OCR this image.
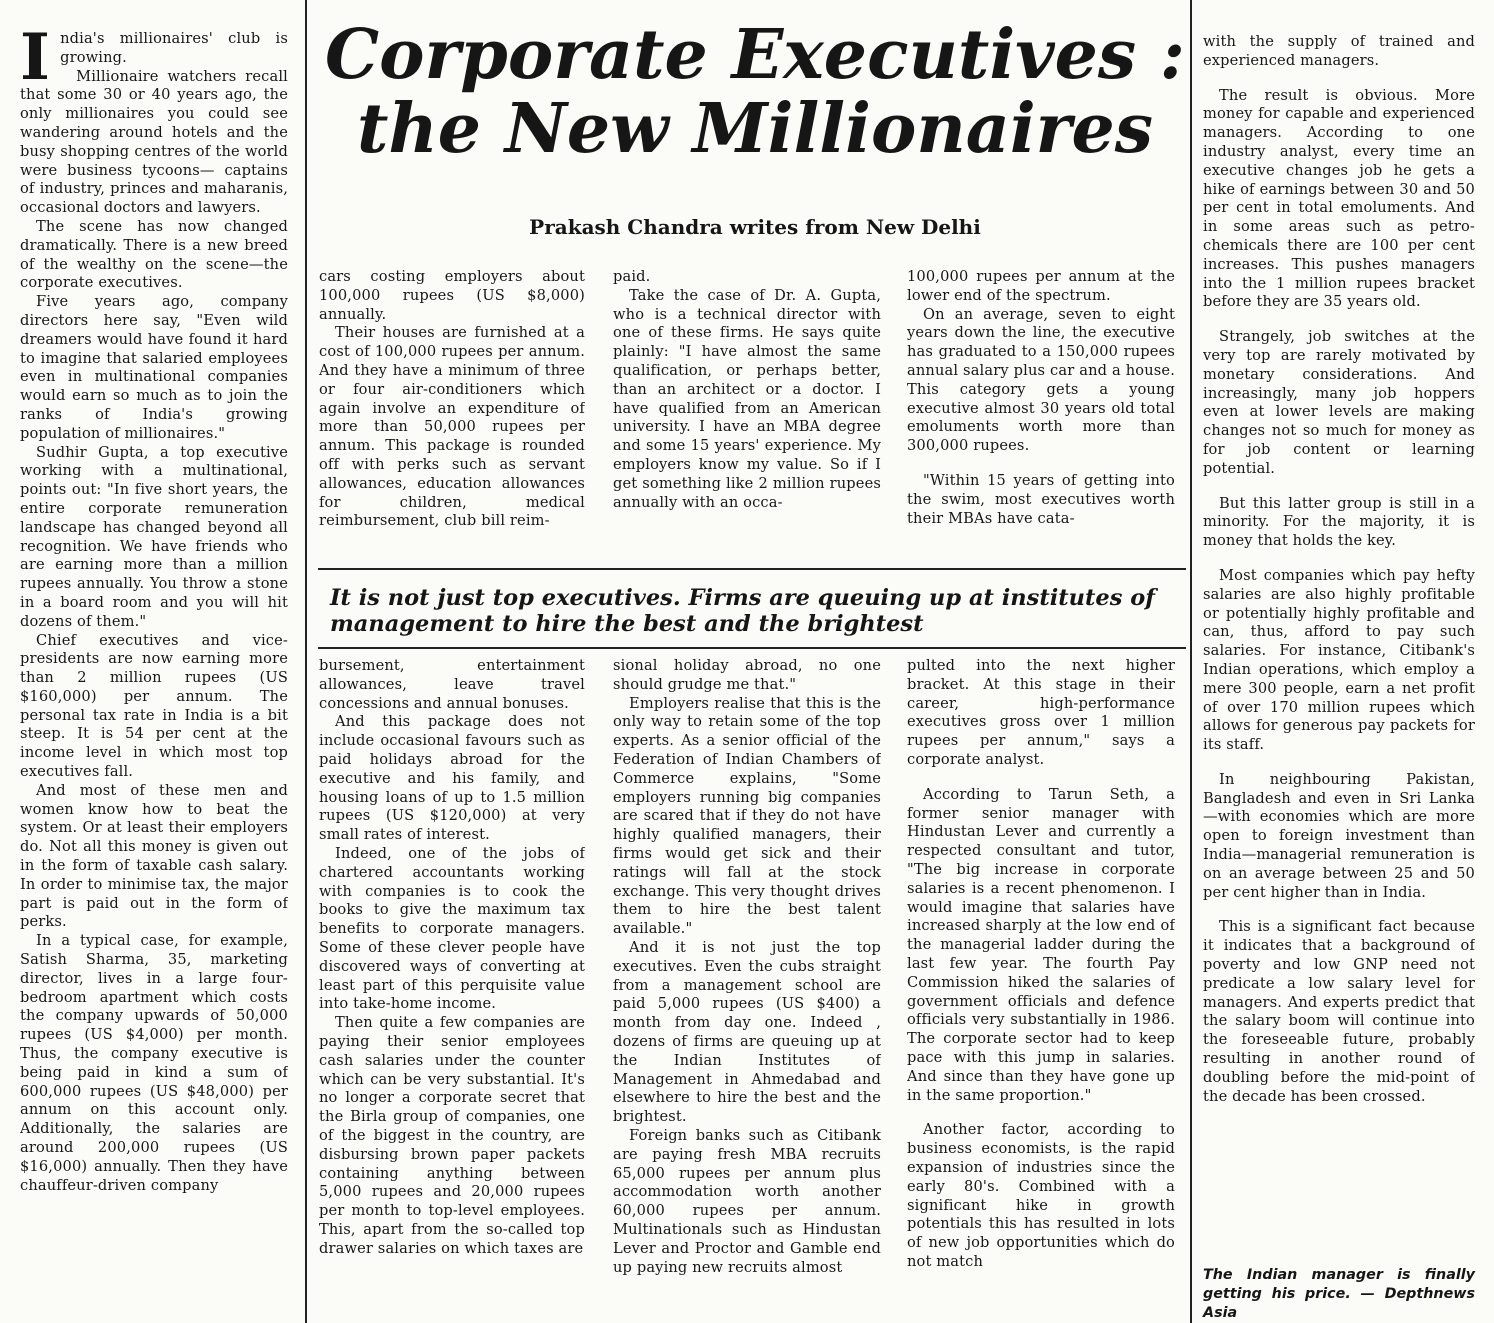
Corporate Executives : the New Millionaires
Prakash Chandra writes from New Delhi

India's millionaires' club is growing.

Millionaire watchers recall that some 30 or 40 years ago, the only millionaires you could see wandering around hotels and the busy shopping centres of the world were business tycoons— captains of industry, princes and maharanis, occasional doctors and lawyers.

The scene has now changed dramatically. There is a new breed of the wealthy on the scene—the corporate executives.

Five years ago, company directors here say, "Even wild dreamers would have found it hard to imagine that salaried employees even in multinational companies would earn so much as to join the ranks of India's growing population of millionaires."

Sudhir Gupta, a top executive working with a multinational, points out: "In five short years, the entire corporate remuneration landscape has changed beyond all recognition. We have friends who are earning more than a million rupees annually. You throw a stone in a board room and you will hit dozens of them."

Chief executives and vice-presidents are now earning more than 2 million rupees (US $160,000) per annum. The personal tax rate in India is a bit steep. It is 54 per cent at the income level in which most top executives fall.

And most of these men and women know how to beat the system. Or at least their employers do. Not all this money is given out in the form of taxable cash salary. In order to minimise tax, the major part is paid out in the form of perks.

In a typical case, for example, Satish Sharma, 35, marketing director, lives in a large four-bedroom apartment which costs the company upwards of 50,000 rupees (US $4,000) per month. Thus, the company executive is being paid in kind a sum of 600,000 rupees (US $48,000) per annum on this account only. Additionally, the salaries are around 200,000 rupees (US $16,000) annually. Then they have chauffeur-driven company

cars costing employers about 100,000 rupees (US $8,000) annually.

Their houses are furnished at a cost of 100,000 rupees per annum. And they have a minimum of three or four air-conditioners which again involve an expenditure of more than 50,000 rupees per annum. This package is rounded off with perks such as servant allowances, education allowances for children, medical reimbursement, club bill reim-

paid.

Take the case of Dr. A. Gupta, who is a technical director with one of these firms. He says quite plainly: "I have almost the same qualification, or perhaps better, than an architect or a doctor. I have qualified from an American university. I have an MBA degree and some 15 years' experience. My employers know my value. So if I get something like 2 million rupees annually with an occa-

100,000 rupees per annum at the lower end of the spectrum.

On an average, seven to eight years down the line, the executive has graduated to a 150,000 rupees annual salary plus car and a house. This category gets a young executive almost 30 years old total emoluments worth more than 300,000 rupees.

"Within 15 years of getting into the swim, most executives worth their MBAs have cata-

It is not just top executives. Firms are queuing up at institutes of management to hire the best and the brightest

bursement, entertainment allowances, leave travel concessions and annual bonuses.

And this package does not include occasional favours such as paid holidays abroad for the executive and his family, and housing loans of up to 1.5 million rupees (US $120,000) at very small rates of interest.

Indeed, one of the jobs of chartered accountants working with companies is to cook the books to give the maximum tax benefits to corporate managers. Some of these clever people have discovered ways of converting at least part of this perquisite value into take-home income.

Then quite a few companies are paying their senior employees cash salaries under the counter which can be very substantial. It's no longer a corporate secret that the Birla group of companies, one of the biggest in the country, are disbursing brown paper packets containing anything between 5,000 rupees and 20,000 rupees per month to top-level employees. This, apart from the so-called top drawer salaries on which taxes are

sional holiday abroad, no one should grudge me that."

Employers realise that this is the only way to retain some of the top experts. As a senior official of the Federation of Indian Chambers of Commerce explains, "Some employers running big companies are scared that if they do not have highly qualified managers, their firms would get sick and their ratings will fall at the stock exchange. This very thought drives them to hire the best talent available."

And it is not just the top executives. Even the cubs straight from a management school are paid 5,000 rupees (US $400) a month from day one. Indeed , dozens of firms are queuing up at the Indian Institutes of Management in Ahmedabad and elsewhere to hire the best and the brightest.

Foreign banks such as Citibank are paying fresh MBA recruits 65,000 rupees per annum plus accommodation worth another 60,000 rupees per annum. Multinationals such as Hindustan Lever and Proctor and Gamble end up paying new recruits almost

pulted into the next higher bracket. At this stage in their career, high-performance executives gross over 1 million rupees per annum," says a corporate analyst.

According to Tarun Seth, a former senior manager with Hindustan Lever and currently a respected consultant and tutor, "The big increase in corporate salaries is a recent phenomenon. I would imagine that salaries have increased sharply at the low end of the managerial ladder during the last few year. The fourth Pay Commission hiked the salaries of government officials and defence officials very substantially in 1986. The corporate sector had to keep pace with this jump in salaries. And since than they have gone up in the same proportion."

Another factor, according to business economists, is the rapid expansion of industries since the early 80's. Combined with a significant hike in growth potentials this has resulted in lots of new job opportunities which do not match

with the supply of trained and experienced managers.

The result is obvious. More money for capable and experienced managers. According to one industry analyst, every time an executive changes job he gets a hike of earnings between 30 and 50 per cent in total emoluments. And in some areas such as petro-chemicals there are 100 per cent increases. This pushes managers into the 1 million rupees bracket before they are 35 years old.

Strangely, job switches at the very top are rarely motivated by monetary considerations. And increasingly, many job hoppers even at lower levels are making changes not so much for money as for job content or learning potential.

But this latter group is still in a minority. For the majority, it is money that holds the key.

Most companies which pay hefty salaries are also highly profitable or potentially highly profitable and can, thus, afford to pay such salaries. For instance, Citibank's Indian operations, which employ a mere 300 people, earn a net profit of over 170 million rupees which allows for generous pay packets for its staff.

In neighbouring Pakistan, Bangladesh and even in Sri Lanka—with economies which are more open to foreign investment than India—managerial remuneration is on an average between 25 and 50 per cent higher than in India.

This is a significant fact because it indicates that a background of poverty and low GNP need not predicate a low salary level for managers. And experts predict that the salary boom will continue into the foreseeable future, probably resulting in another round of doubling before the mid-point of the decade has been crossed.

The Indian manager is finally getting his price. — Depthnews Asia
